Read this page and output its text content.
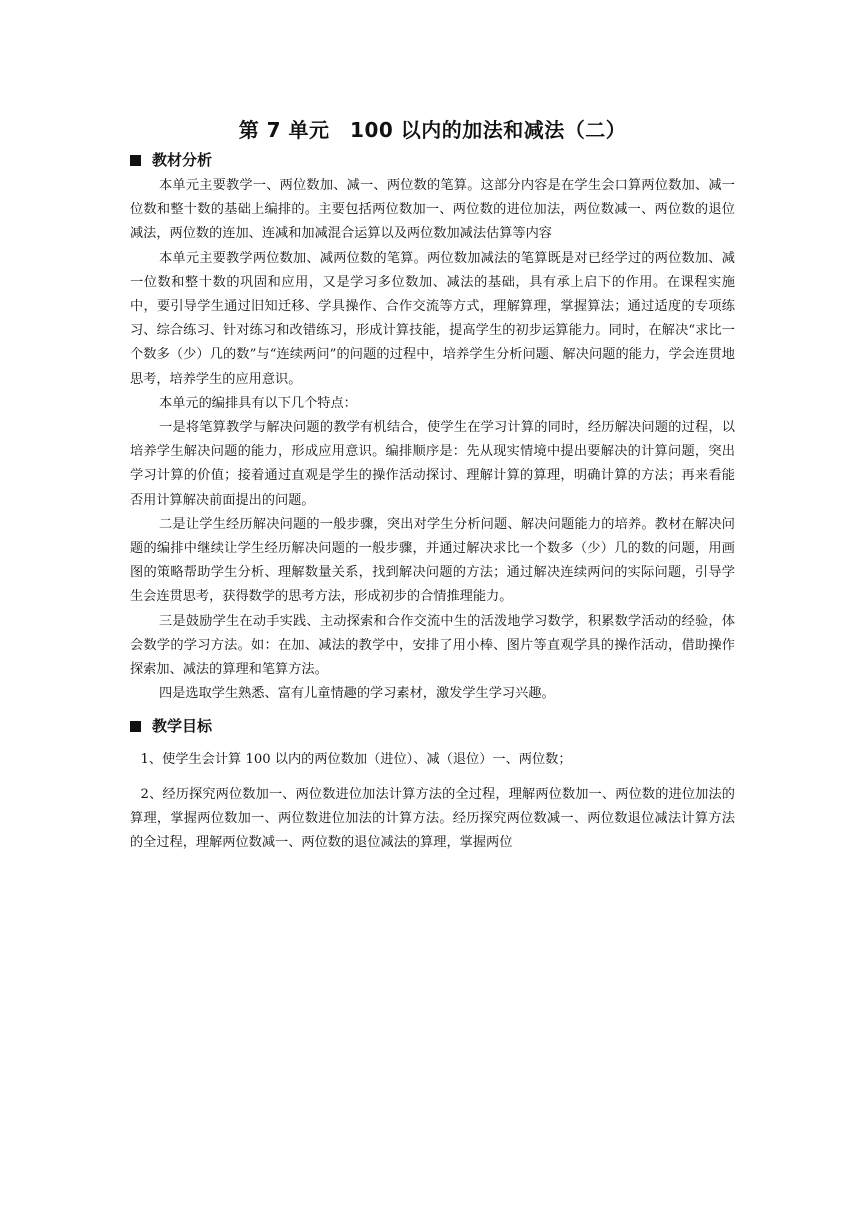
第 7 单元　100 以内的加法和减法（二）
教材分析

本单元主要教学一、两位数加、减一、两位数的笔算。这部分内容是在学生会口算两位数加、减一位数和整十数的基础上编排的。主要包括两位数加一、两位数的进位加法，两位数减一、两位数的退位减法，两位数的连加、连减和加减混合运算以及两位数加减法估算等内容

本单元主要教学两位数加、减两位数的笔算。两位数加减法的笔算既是对已经学过的两位数加、减一位数和整十数的巩固和应用，又是学习多位数加、减法的基础，具有承上启下的作用。在课程实施中，要引导学生通过旧知迁移、学具操作、合作交流等方式，理解算理，掌握算法；通过适度的专项练习、综合练习、针对练习和改错练习，形成计算技能，提高学生的初步运算能力。同时，在解决“求比一个数多（少）几的数”与“连续两问”的问题的过程中，培养学生分析问题、解决问题的能力，学会连贯地思考，培养学生的应用意识。

本单元的编排具有以下几个特点：

一是将笔算教学与解决问题的教学有机结合，使学生在学习计算的同时，经历解决问题的过程，以培养学生解决问题的能力，形成应用意识。编排顺序是：先从现实情境中提出要解决的计算问题，突出学习计算的价值；接着通过直观是学生的操作活动探讨、理解计算的算理，明确计算的方法；再来看能否用计算解决前面提出的问题。

二是让学生经历解决问题的一般步骤，突出对学生分析问题、解决问题能力的培养。教材在解决问题的编排中继续让学生经历解决问题的一般步骤，并通过解决求比一个数多（少）几的数的问题，用画图的策略帮助学生分析、理解数量关系，找到解决问题的方法；通过解决连续两问的实际问题，引导学生会连贯思考，获得数学的思考方法，形成初步的合情推理能力。

三是鼓励学生在动手实践、主动探索和合作交流中生的活泼地学习数学，积累数学活动的经验，体会数学的学习方法。如：在加、减法的教学中，安排了用小棒、图片等直观学具的操作活动，借助操作探索加、减法的算理和笔算方法。

四是选取学生熟悉、富有儿童情趣的学习素材，激发学生学习兴趣。

教学目标

1、使学生会计算 100 以内的两位数加（进位）、减（退位）一、两位数；

2、经历探究两位数加一、两位数进位加法计算方法的全过程，理解两位数加一、两位数的进位加法的算理，掌握两位数加一、两位数进位加法的计算方法。经历探究两位数减一、两位数退位减法计算方法的全过程，理解两位数减一、两位数的退位减法的算理，掌握两位
